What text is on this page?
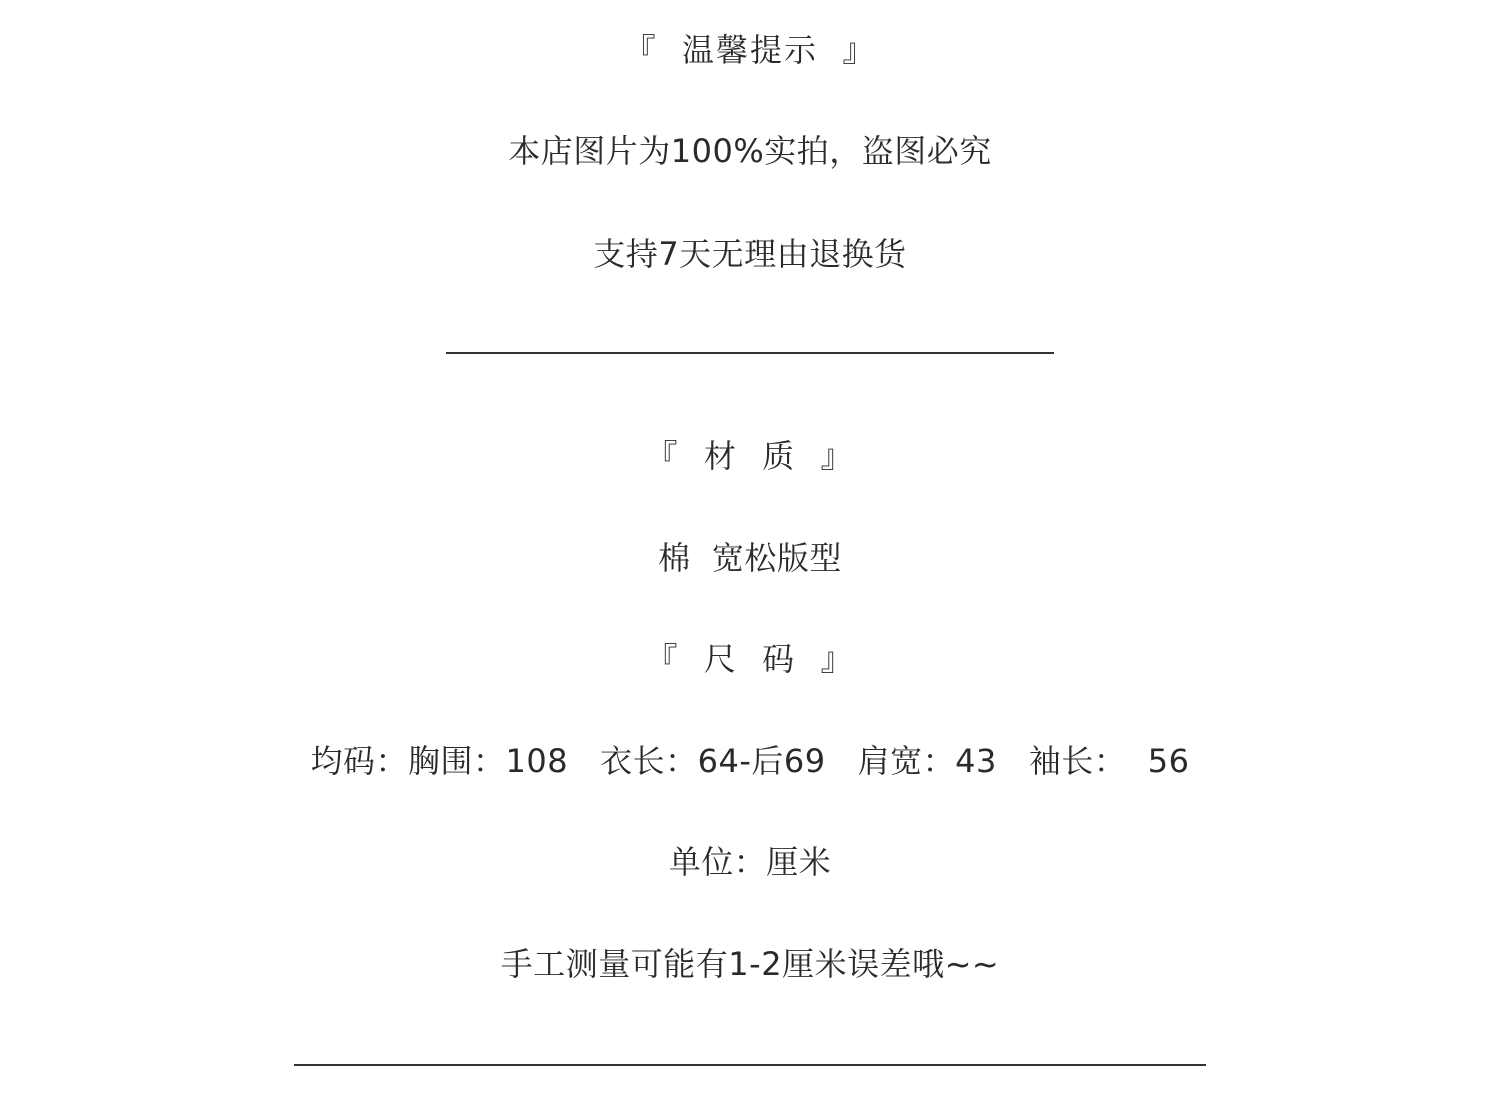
『  温馨提示  』
本店图片为100%实拍，盗图必究
支持7天无理由退换货
『  材  质  』
棉  宽松版型
『  尺  码  』
均码：胸围：108   衣长：64-后69   肩宽：43   袖长：  56
单位：厘米
手工测量可能有1-2厘米误差哦~~
